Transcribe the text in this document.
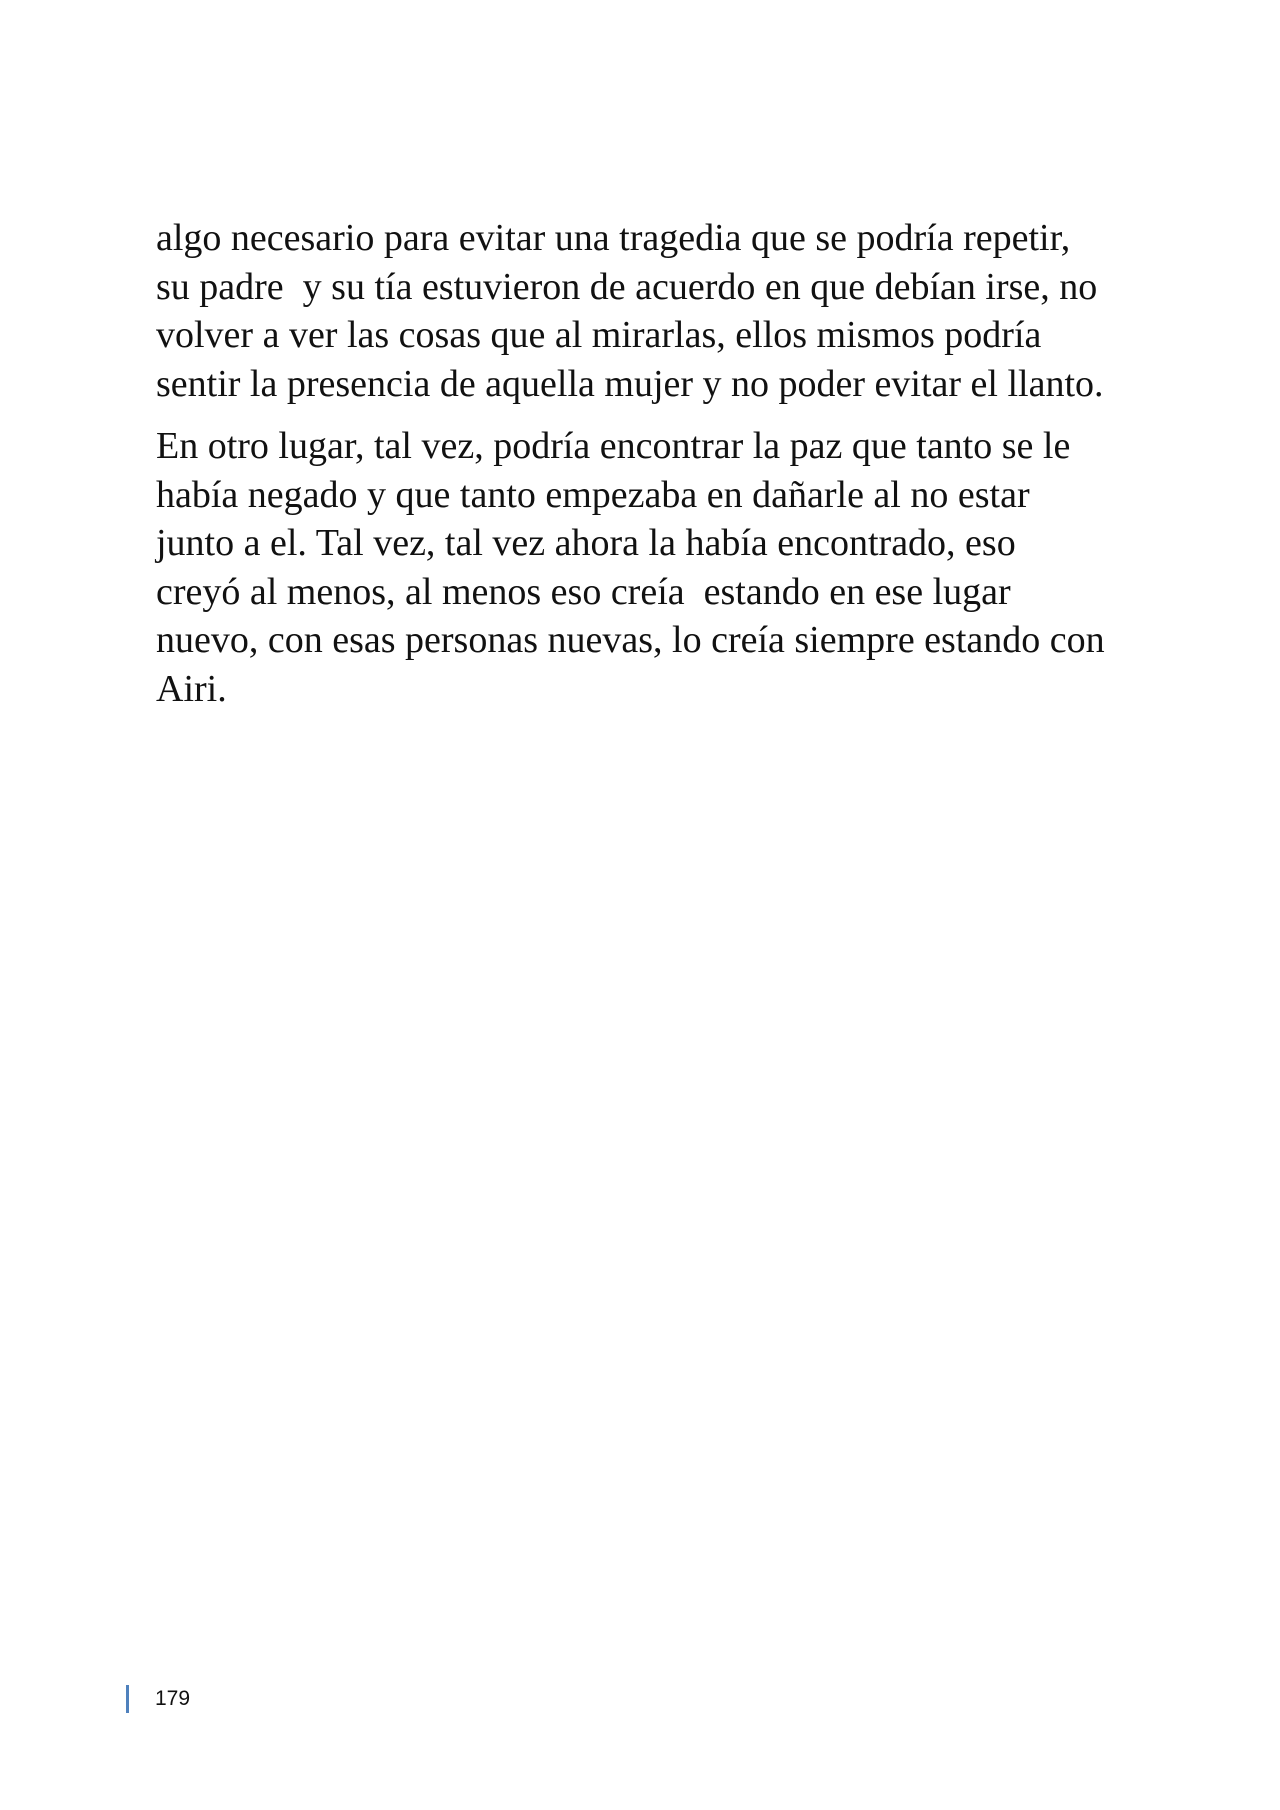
algo necesario para evitar una tragedia que se podría repetir,
su padre  y su tía estuvieron de acuerdo en que debían irse, no
volver a ver las cosas que al mirarlas, ellos mismos podría
sentir la presencia de aquella mujer y no poder evitar el llanto.

En otro lugar, tal vez, podría encontrar la paz que tanto se le
había negado y que tanto empezaba en dañarle al no estar
junto a el. Tal vez, tal vez ahora la había encontrado, eso
creyó al menos, al menos eso creía  estando en ese lugar
nuevo, con esas personas nuevas, lo creía siempre estando con
Airi.

179
